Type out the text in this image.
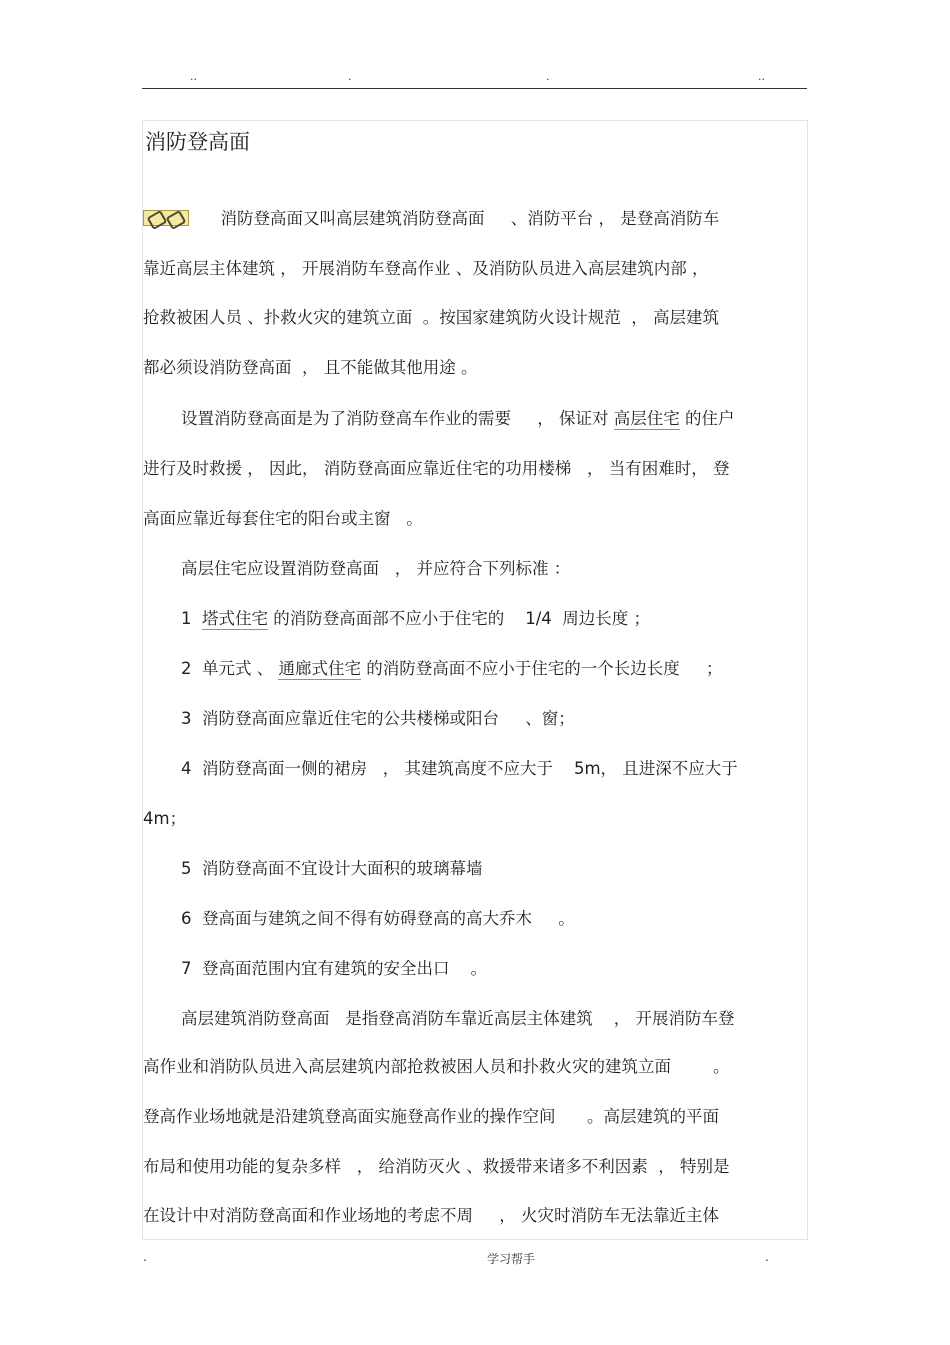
..	.	.	..
消防登高面
消防登高面又叫高层建筑消防登高面     、消防平台 ， 是登高消防车
靠近高层主体建筑 ， 开展消防车登高作业 、及消防队员进入高层建筑内部 ，
抢救被困人员 、扑救火灾的建筑立面  。按国家建筑防火设计规范  ， 高层建筑
都必须设消防登高面  ， 且不能做其他用途 。
设置消防登高面是为了消防登高车作业的需要     ， 保证对 高层住宅 的住户
进行及时救援 ， 因此， 消防登高面应靠近住宅的功用楼梯   ， 当有困难时， 登
高面应靠近每套住宅的阳台或主窗   。
高层住宅应设置消防登高面   ， 并应符合下列标准 ：
1  塔式住宅 的消防登高面部不应小于住宅的    1/4  周边长度 ；
2  单元式 、 通廊式住宅 的消防登高面不应小于住宅的一个长边长度     ；
3  消防登高面应靠近住宅的公共楼梯或阳台     、窗；
4  消防登高面一侧的裙房   ， 其建筑高度不应大于    5m， 且进深不应大于
4m；
5  消防登高面不宜设计大面积的玻璃幕墙
6  登高面与建筑之间不得有妨碍登高的高大乔木     。
7  登高面范围内宜有建筑的安全出口    。
高层建筑消防登高面   是指登高消防车靠近高层主体建筑    ， 开展消防车登
高作业和消防队员进入高层建筑内部抢救被困人员和扑救火灾的建筑立面        。
登高作业场地就是沿建筑登高面实施登高作业的操作空间      。高层建筑的平面
布局和使用功能的复杂多样   ， 给消防灭火 、救援带来诸多不利因素  ， 特别是
在设计中对消防登高面和作业场地的考虑不周     ， 火灾时消防车无法靠近主体
.	学习帮手	.
